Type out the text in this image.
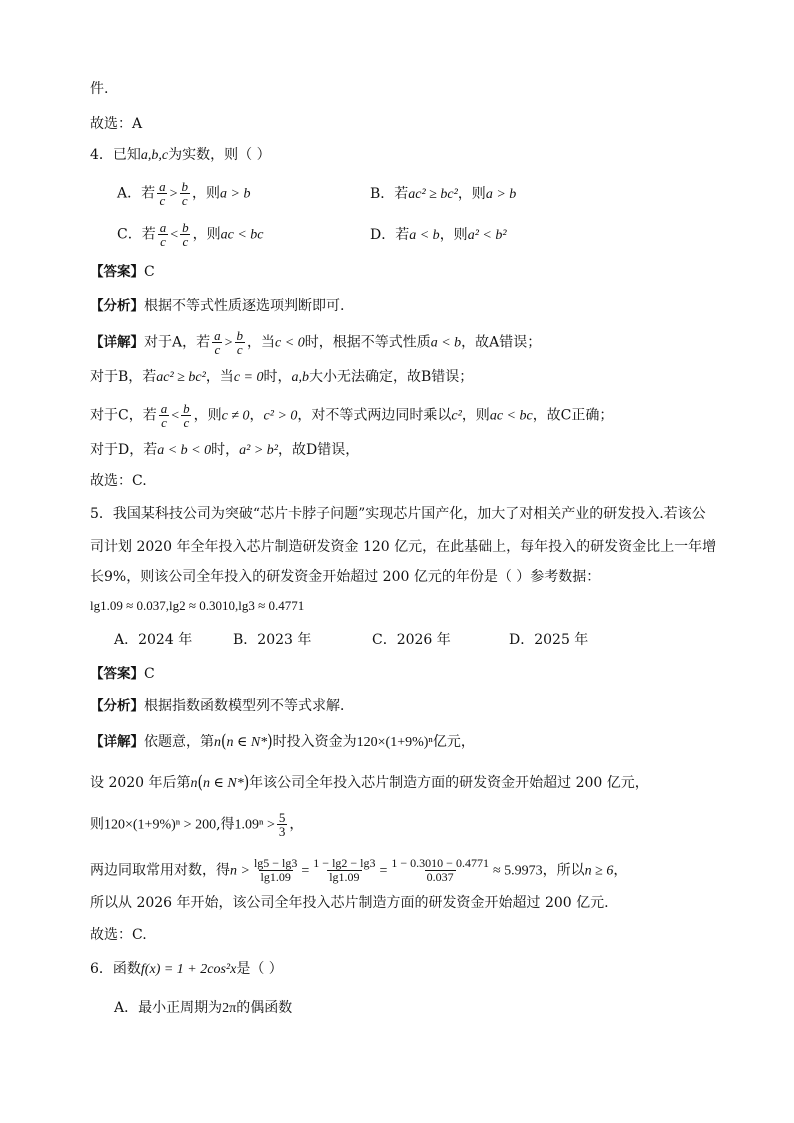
件.
故选：A
4．已知a,b,c为实数，则（ ）
A．若 $\frac{a}{c} > \frac{b}{c}$ ，则a > b	B．若ac² ≥ bc²，则a > b
C．若 $\frac{a}{c} < \frac{b}{c}$ ，则ac < bc	D．若a < b，则a² < b²
【答案】C
【分析】根据不等式性质逐选项判断即可.
【详解】对于A，若 $\frac{a}{c} > \frac{b}{c}$ ，当c < 0时，根据不等式性质a < b，故A错误；
对于B，若ac² ≥ bc²，当c = 0时，a,b大小无法确定，故B错误；
对于C，若 $\frac{a}{c} < \frac{b}{c}$ ，则c ≠ 0，c² > 0，对不等式两边同时乘以c²，则ac < bc，故C正确；
对于D，若a < b < 0时，a² > b²，故D错误，
故选：C.
5．我国某科技公司为突破“芯片卡脖子问题”实现芯片国产化，加大了对相关产业的研发投入.若该公
司计划 2020 年全年投入芯片制造研发资金 120 亿元，在此基础上，每年投入的研发资金比上一年增
长9%，则该公司全年投入的研发资金开始超过 200 亿元的年份是（ ）参考数据：
lg1.09 ≈ 0.037,lg2 ≈ 0.3010,lg3 ≈ 0.4771
A．2024 年	B．2023 年	C．2026 年	D．2025 年
【答案】C
【分析】根据指数函数模型列不等式求解．
【详解】依题意，第n(n ∈ N*)时投入资金为120×(1+9%)ⁿ亿元，
设 2020 年后第n(n ∈ N*)年该公司全年投入芯片制造方面的研发资金开始超过 200 亿元，
则120×(1+9%)ⁿ > 200,得$1.09^n > \frac{5}{3}$ ，
两边同取常用对数，得$n > \frac{\lg 5 - \lg 3}{\lg 1.09} = \frac{1 - \lg 2 - \lg 3}{\lg 1.09} = \frac{1 - 0.3010 - 0.4771}{0.037} \approx 5.9973$，所以n ≥ 6，
所以从 2026 年开始，该公司全年投入芯片制造方面的研发资金开始超过 200 亿元.
故选：C.
6．函数f(x) = 1 + 2cos²x是（ ）
A．最小正周期为2π的偶函数
